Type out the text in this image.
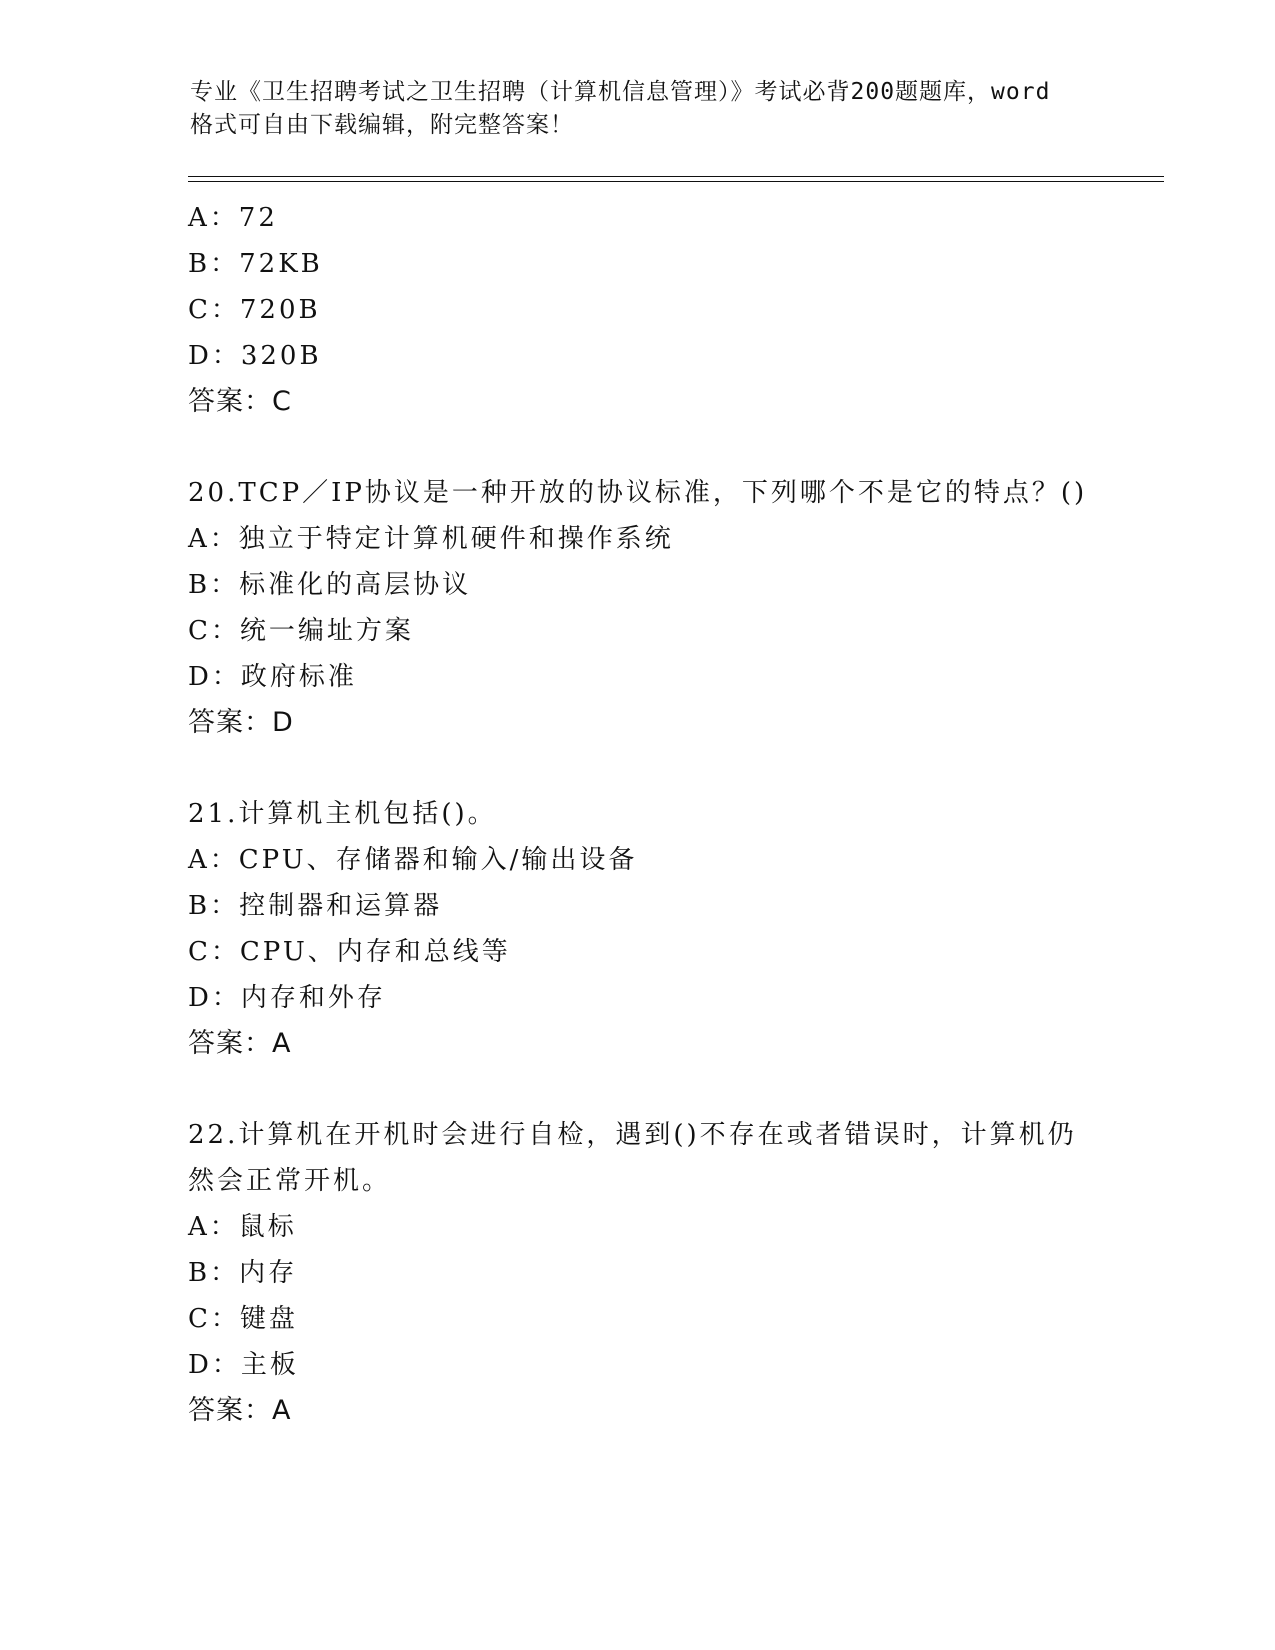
专业《卫生招聘考试之卫生招聘（计算机信息管理）》考试必背200题题库，word
格式可自由下载编辑，附完整答案！
A：72
B：72KB
C：720B
D：320B
答案：C
20.TCP／IP协议是一种开放的协议标准，下列哪个不是它的特点？()
A：独立于特定计算机硬件和操作系统
B：标准化的高层协议
C：统一编址方案
D：政府标准
答案：D
21.计算机主机包括()。
A：CPU、存储器和输入/输出设备
B：控制器和运算器
C：CPU、内存和总线等
D：内存和外存
答案：A
22.计算机在开机时会进行自检，遇到()不存在或者错误时，计算机仍
然会正常开机。
A：鼠标
B：内存
C：键盘
D：主板
答案：A
